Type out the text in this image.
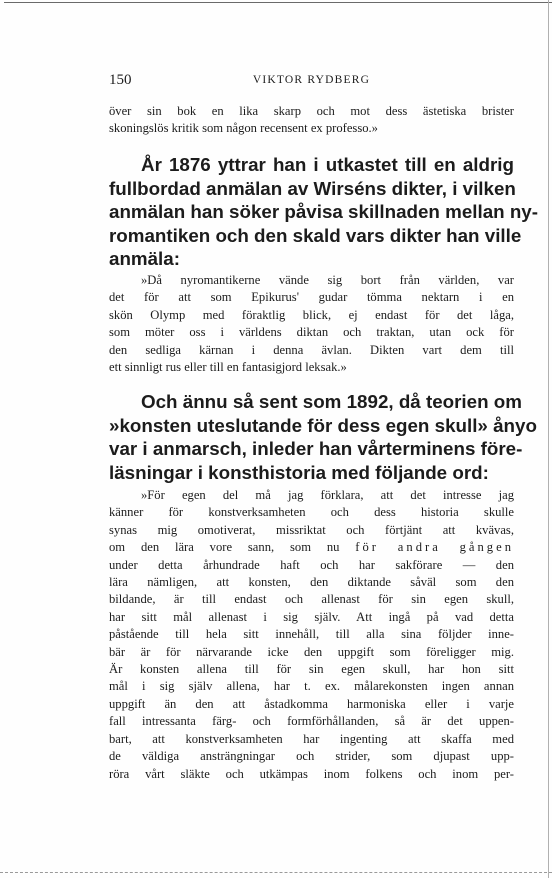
150	VIKTOR RYDBERG
över sin bok en lika skarp och mot dess ästetiska brister
skoningslös kritik som någon recensent ex professo.»
År 1876 yttrar han i utkastet till en aldrig
fullbordad anmälan av Wirséns dikter, i vilken
anmälan han söker påvisa skillnaden mellan ny-
romantiken och den skald vars dikter han ville
anmäla:
»Då nyromantikerne vände sig bort från världen, var
det för att som Epikurus' gudar tömma nektarn i en
skön Olymp med föraktlig blick, ej endast för det låga,
som möter oss i världens diktan och traktan, utan ock för
den sedliga kärnan i denna ävlan. Dikten vart dem till
ett sinnligt rus eller till en fantasigjord leksak.»
Och ännu så sent som 1892, då teorien om
»konsten uteslutande för dess egen skull» ånyo
var i anmarsch, inleder han vårterminens före-
läsningar i konsthistoria med följande ord:
»För egen del må jag förklara, att det intresse jag
känner för konstverksamheten och dess historia skulle
synas mig omotiverat, missriktat och förtjänt att kvävas,
om den lära vore sann, som nu för andra gången
under detta århundrade haft och har sakförare — den
lära nämligen, att konsten, den diktande såväl som den
bildande, är till endast och allenast för sin egen skull,
har sitt mål allenast i sig själv. Att ingå på vad detta
påstående till hela sitt innehåll, till alla sina följder inne-
bär är för närvarande icke den uppgift som föreligger mig.
Är konsten allena till för sin egen skull, har hon sitt
mål i sig själv allena, har t. ex. målarekonsten ingen annan
uppgift än den att åstadkomma harmoniska eller i varje
fall intressanta färg- och formförhållanden, så är det uppen-
bart, att konstverksamheten har ingenting att skaffa med
de väldiga ansträngningar och strider, som djupast upp-
röra vårt släkte och utkämpas inom folkens och inom per-
